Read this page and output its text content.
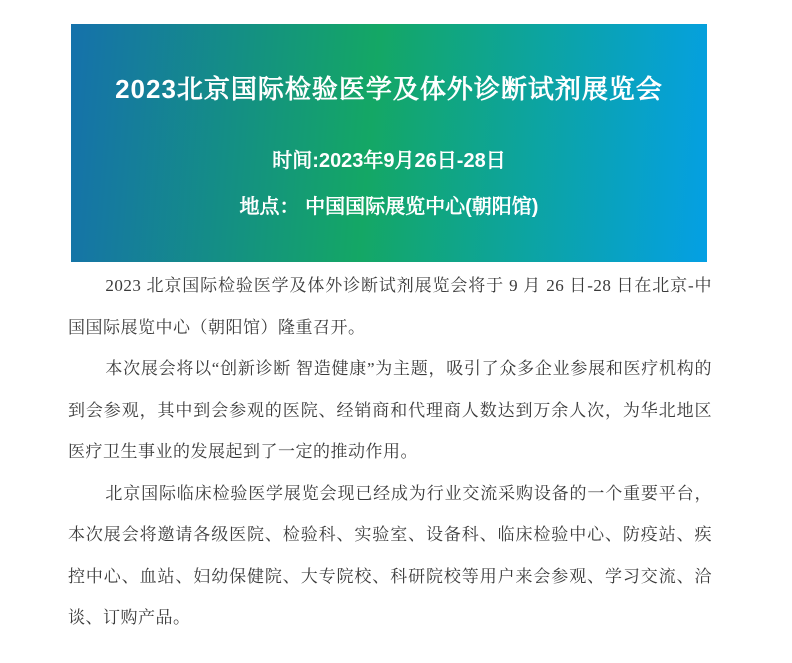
2023北京国际检验医学及体外诊断试剂展览会
时间:2023年9月26日-28日
地点： 中国国际展览中心(朝阳馆)

2023 北京国际检验医学及体外诊断试剂展览会将于 9 月 26 日-28 日在北京-中国国际展览中心（朝阳馆）隆重召开。

本次展会将以“创新诊断 智造健康”为主题，吸引了众多企业参展和医疗机构的到会参观，其中到会参观的医院、经销商和代理商人数达到万余人次，为华北地区医疗卫生事业的发展起到了一定的推动作用。

北京国际临床检验医学展览会现已经成为行业交流采购设备的一个重要平台，本次展会将邀请各级医院、检验科、实验室、设备科、临床检验中心、防疫站、疾控中心、血站、妇幼保健院、大专院校、科研院校等用户来会参观、学习交流、洽谈、订购产品。
